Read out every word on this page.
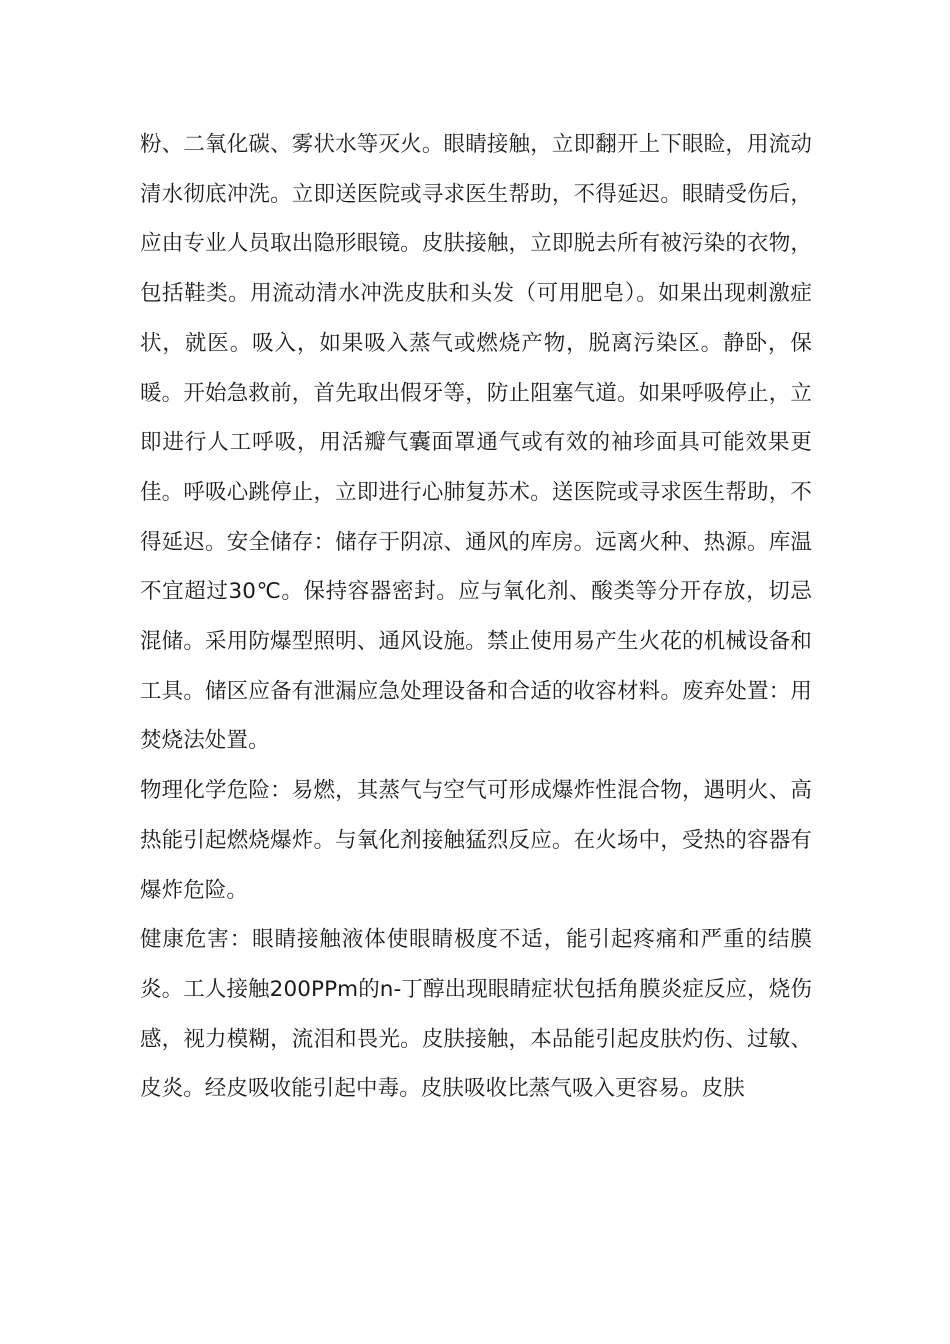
粉、二氧化碳、雾状水等灭火。眼睛接触，立即翻开上下眼睑，用流动清水彻底冲洗。立即送医院或寻求医生帮助，不得延迟。眼睛受伤后，应由专业人员取出隐形眼镜。皮肤接触，立即脱去所有被污染的衣物，包括鞋类。用流动清水冲洗皮肤和头发（可用肥皂）。如果出现刺激症状，就医。吸入，如果吸入蒸气或燃烧产物，脱离污染区。静卧，保暖。开始急救前，首先取出假牙等，防止阻塞气道。如果呼吸停止，立即进行人工呼吸，用活瓣气囊面罩通气或有效的袖珍面具可能效果更佳。呼吸心跳停止，立即进行心肺复苏术。送医院或寻求医生帮助，不得延迟。安全储存：储存于阴凉、通风的库房。远离火种、热源。库温不宜超过30℃。保持容器密封。应与氧化剂、酸类等分开存放，切忌混储。采用防爆型照明、通风设施。禁止使用易产生火花的机械设备和工具。储区应备有泄漏应急处理设备和合适的收容材料。废弃处置：用焚烧法处置。

物理化学危险：易燃，其蒸气与空气可形成爆炸性混合物，遇明火、高热能引起燃烧爆炸。与氧化剂接触猛烈反应。在火场中，受热的容器有爆炸危险。

健康危害：眼睛接触液体使眼睛极度不适，能引起疼痛和严重的结膜炎。工人接触200PPm的n-丁醇出现眼睛症状包括角膜炎症反应，烧伤感，视力模糊，流泪和畏光。皮肤接触，本品能引起皮肤灼伤、过敏、皮炎。经皮吸收能引起中毒。皮肤吸收比蒸气吸入更容易。皮肤
